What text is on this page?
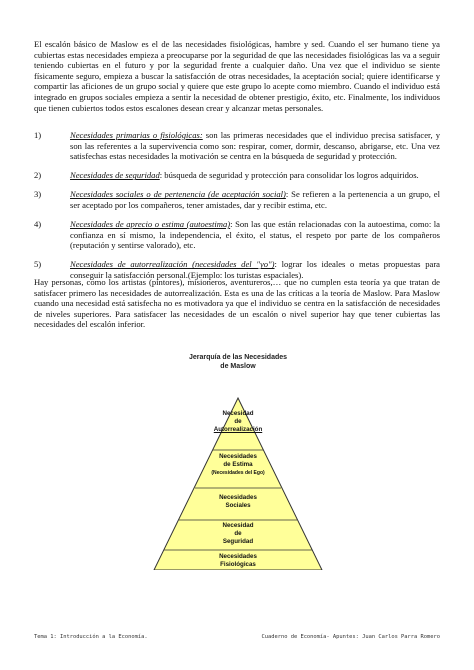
El escalón básico de Maslow es el de las necesidades fisiológicas, hambre y sed. Cuando el ser humano tiene ya cubiertas estas necesidades empieza a preocuparse por la seguridad de que las necesidades fisiológicas las va a seguir teniendo cubiertas en el futuro y por la seguridad frente a cualquier daño. Una vez que el individuo se siente físicamente seguro, empieza a buscar la satisfacción de otras necesidades, la aceptación social; quiere identificarse y compartir las aficiones de un grupo social y quiere que este grupo lo acepte como miembro. Cuando el individuo está integrado en grupos sociales empieza a sentir la necesidad de obtener prestigio, éxito, etc. Finalmente, los individuos que tienen cubiertos todos estos escalones desean crear y alcanzar metas personales.

1)	Necesidades primarias o fisiológicas: son las primeras necesidades que el individuo precisa satisfacer, y son las referentes a la supervivencia como son: respirar, comer, dormir, descanso, abrigarse, etc. Una vez satisfechas estas necesidades la motivación se centra en la búsqueda de seguridad y protección.
2)	Necesidades de seguridad: búsqueda de seguridad y protección para consolidar los logros adquiridos.
3)	Necesidades sociales o de pertenencia (de aceptación social): Se refieren a la pertenencia a un grupo, el ser aceptado por los compañeros, tener amistades, dar y recibir estima, etc.
4)	Necesidades de aprecio o estima (autoestima): Son las que están relacionadas con la autoestima, como: la confianza en sí mismo, la independencia, el éxito, el status, el respeto por parte de los compañeros (reputación y sentirse valorado), etc.
5)	Necesidades de autorrealización (necesidades del "yo"): lograr los ideales o metas propuestas para conseguir la satisfacción personal.(Ejemplo: los turistas espaciales).

Hay personas, como los artistas (pintores), misioneros, aventureros,… que no cumplen esta teoría ya que tratan de satisfacer primero las necesidades de autorrealización. Esta es una de las críticas a la teoría de Maslow. Para Maslow cuando una necesidad está satisfecha no es motivadora ya que el individuo se centra en la satisfacción de necesidades de niveles superiores. Para satisfacer las necesidades de un escalón o nivel superior hay que tener cubiertas las necesidades del escalón inferior.

Jerarquía de las Necesidades
de Maslow

Necesidad
de
Autorrealización
Necesidades
de Estima
(Necesidades del Ego)
Necesidades
Sociales
Necesidad
de
Seguridad
Necesidades
Fisiológicas
Tema 1: Introducción a la Economía.	Cuaderno de Economía- Apuntes: Juan Carlos Parra Romero
